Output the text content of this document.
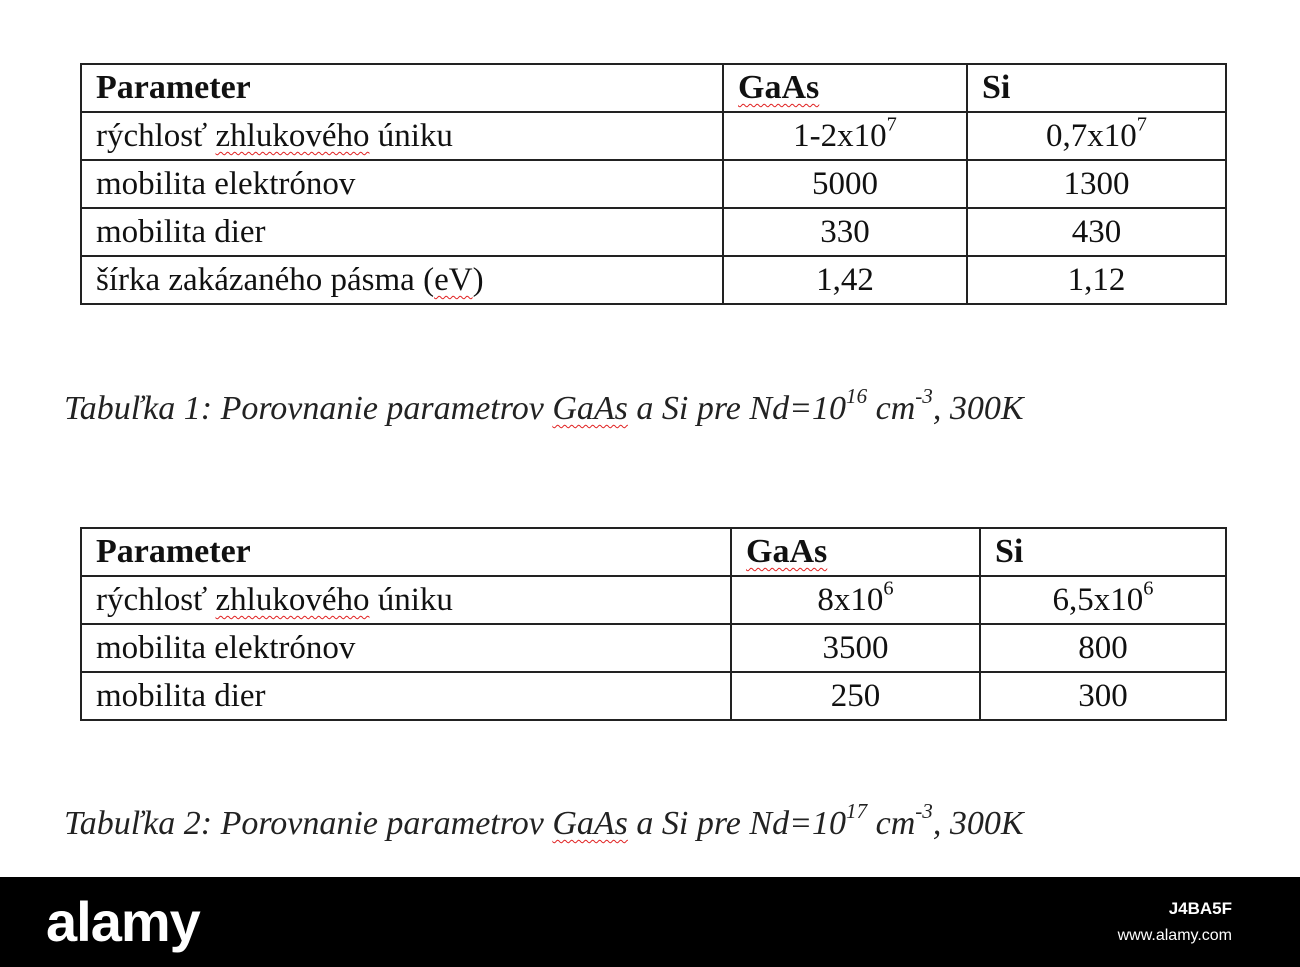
Parameter	GaAs	Si
rýchlosť zhlukového úniku	$1-2x10^7$	$0,7x10^7$
mobilita elektrónov	5000	1300
mobilita dier	330	430
šírka zakázaného pásma (eV)	1,42	1,12
Tabuľka 1: Porovnanie parametrov GaAs a Si pre $Nd=10^{16}$ $cm^{-3}$, 300K
Parameter	GaAs	Si
rýchlosť zhlukového úniku	$8x10^6$	$6,5x10^6$
mobilita elektrónov	3500	800
mobilita dier	250	300
Tabuľka 2: Porovnanie parametrov GaAs a Si pre $Nd=10^{17}$ $cm^{-3}$, 300K
alamy	J4BA5F
www.alamy.com
